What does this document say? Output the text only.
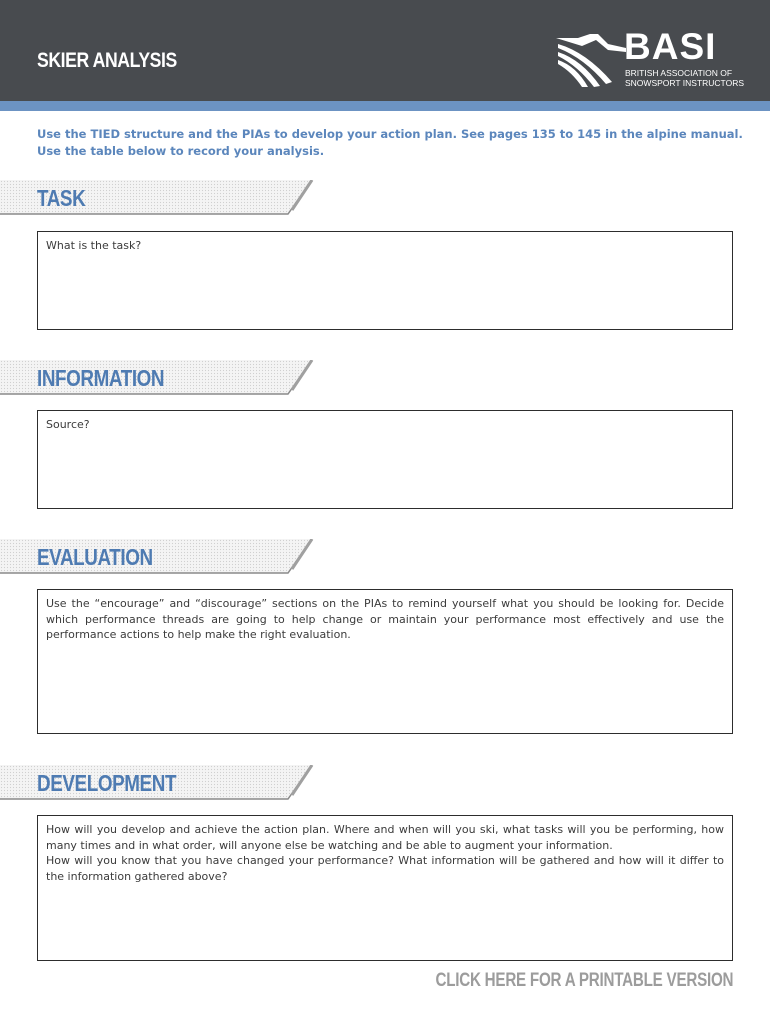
SKIER ANALYSIS	BASI
BRITISH ASSOCIATION OF
SNOWSPORT INSTRUCTORS
Use the TIED structure and the PIAs to develop your action plan. See pages 135 to 145 in the alpine manual.
Use the table below to record your analysis.
TASK
What is the task?
INFORMATION
Source?
EVALUATION
Use the “encourage” and “discourage” sections on the PIAs to remind yourself what you should be looking for. Decide which performance threads are going to help change or maintain your performance most effectively and use the performance actions to help make the right evaluation.
DEVELOPMENT
How will you develop and achieve the action plan. Where and when will you ski, what tasks will you be performing, how many times and in what order, will anyone else be watching and be able to augment your information.
How will you know that you have changed your performance? What information will be gathered and how will it differ to the information gathered above?
CLICK HERE FOR A PRINTABLE VERSION
